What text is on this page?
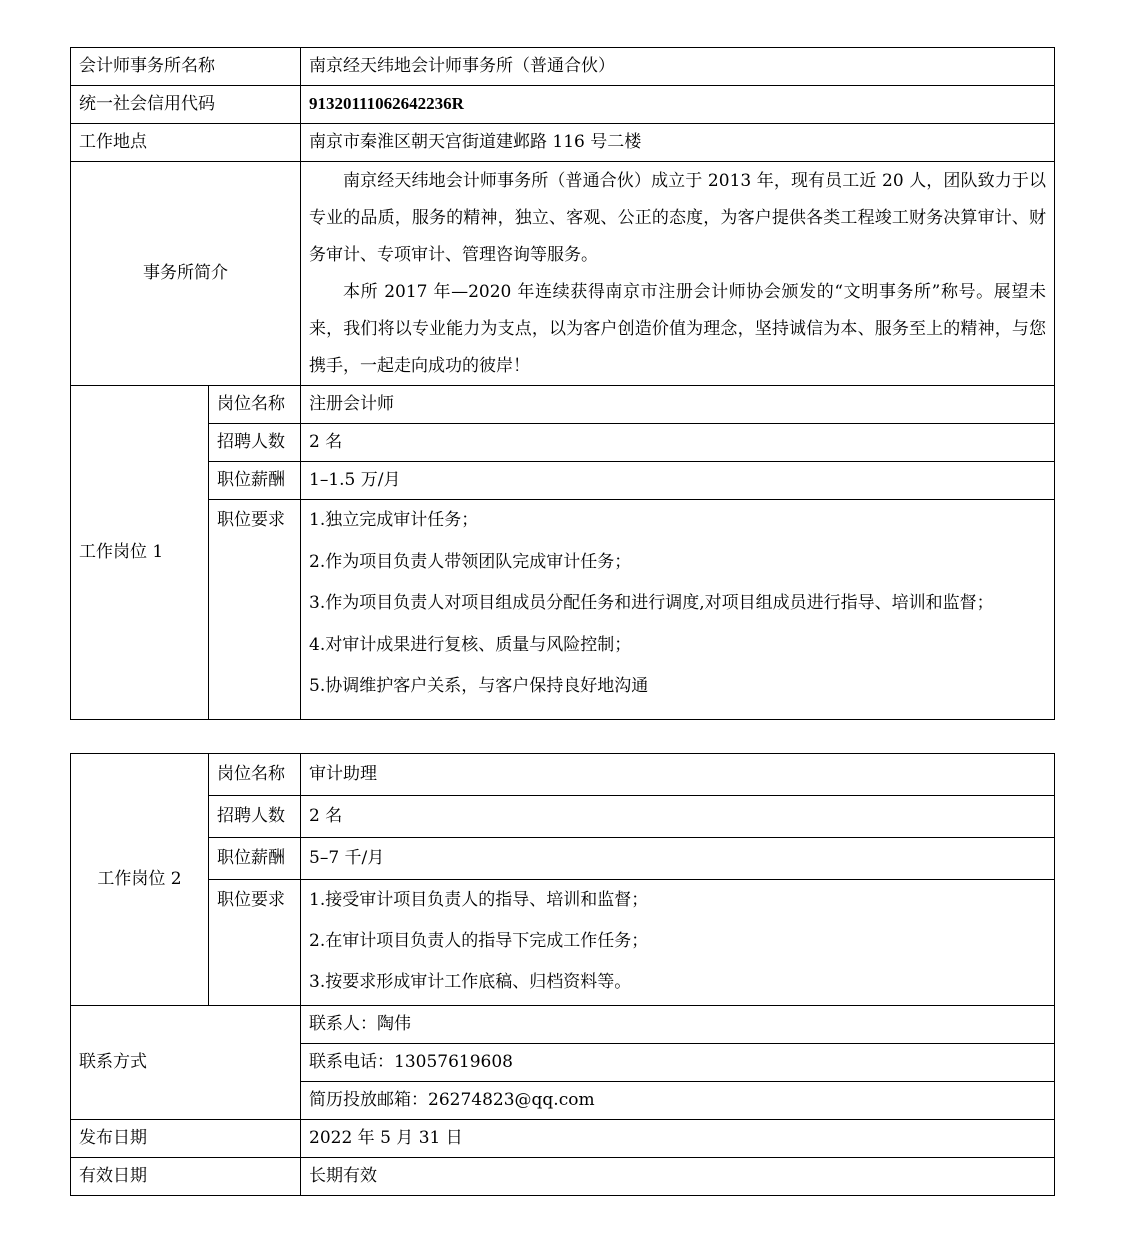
会计师事务所名称		南京经天纬地会计师事务所（普通合伙）
统一社会信用代码		91320111062642236R
工作地点		南京市秦淮区朝天宫街道建邺路 116 号二楼
事务所简介		南京经天纬地会计师事务所（普通合伙）成立于 2013 年，现有员工近 20 人，团队致力于以专业的品质，服务的精神，独立、客观、公正的态度，为客户提供各类工程竣工财务决算审计、财务审计、专项审计、管理咨询等服务。

本所 2017 年—2020 年连续获得南京市注册会计师协会颁发的“文明事务所”称号。展望未来，我们将以专业能力为支点，以为客户创造价值为理念，坚持诚信为本、服务至上的精神，与您携手，一起走向成功的彼岸！

工作岗位 1	岗位名称	注册会计师
	招聘人数	2 名
	职位薪酬	1–1.5 万/月
	职位要求	1.独立完成审计任务；
2.作为项目负责人带领团队完成审计任务；
3.作为项目负责人对项目组成员分配任务和进行调度,对项目组成员进行指导、培训和监督；
4.对审计成果进行复核、质量与风险控制；
5.协调维护客户关系，与客户保持良好地沟通
工作岗位 2	岗位名称	审计助理
	招聘人数	2 名
	职位薪酬	5–7 千/月
	职位要求	1.接受审计项目负责人的指导、培训和监督；
2.在审计项目负责人的指导下完成工作任务；
3.按要求形成审计工作底稿、归档资料等。

联系方式		联系人：陶伟
		联系电话：13057619608
		简历投放邮箱：26274823@qq.com
发布日期		2022 年 5 月 31 日
有效日期		长期有效
